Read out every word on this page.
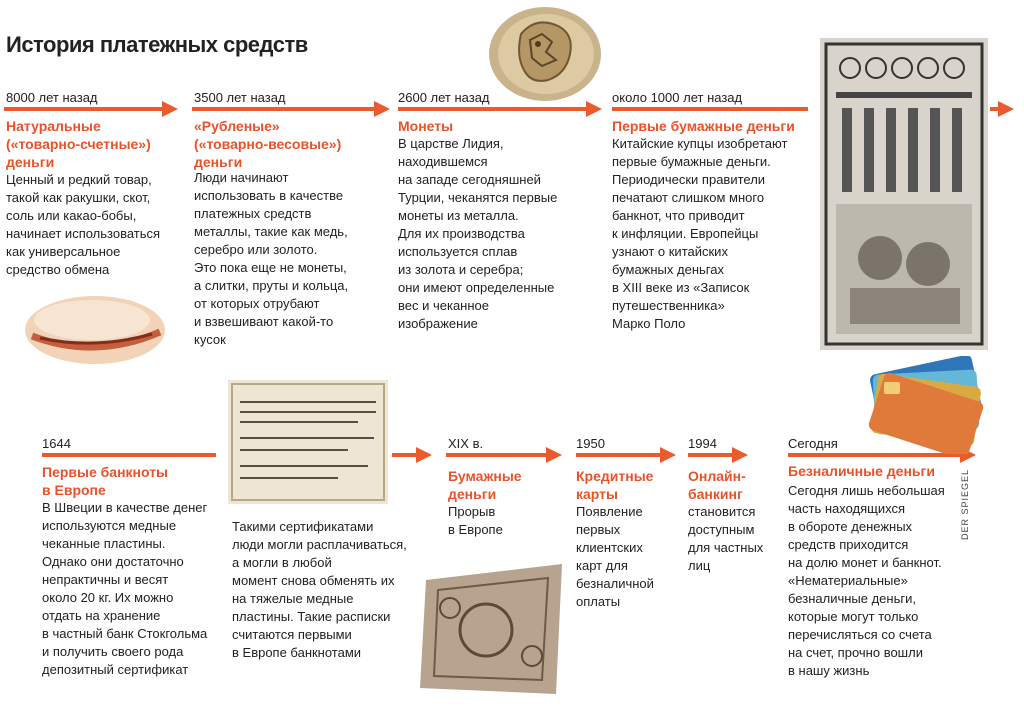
История платежных средств
DER SPIEGEL
8000 лет назад

Натуральные
(«товарно-счетные»)
деньги

Ценный и редкий товар,
такой как ракушки, скот,
соль или какао-бобы,
начинает использоваться
как универсальное
средство обмена

3500 лет назад

«Рубленые»
(«товарно-весовые»)
деньги

Люди начинают
использовать в качестве
платежных средств
металлы, такие как медь,
серебро или золото.
Это пока еще не монеты,
а слитки, пруты и кольца,
от которых отрубают
и взвешивают какой-то
кусок

2600 лет назад

Монеты

В царстве Лидия,
находившемся
на западе сегодняшней
Турции, чеканятся первые
монеты из металла.
Для их производства
используется сплав
из золота и серебра;
они имеют определенные
вес и чеканное
изображение

около 1000 лет назад

Первые бумажные деньги

Китайские купцы изобретают
первые бумажные деньги.
Периодически правители
печатают слишком много
банкнот, что приводит
к инфляции. Европейцы
узнают о китайских
бумажных деньгах
в XIII веке из «Записок
путешественника»
Марко Поло

1644

Первые банкноты
в Европе

В Швеции в качестве денег
используются медные
чеканные пластины.
Однако они достаточно
непрактичны и весят
около 20 кг. Их можно
отдать на хранение
в частный банк Стокгольма
и получить своего рода
депозитный сертификат

Такими сертификатами
люди могли расплачиваться,
а могли в любой
момент снова обменять их
на тяжелые медные
пластины. Такие расписки
считаются первыми
в Европе банкнотами

XIX в.

Бумажные
деньги

Прорыв
в Европе

1950

Кредитные
карты

Появление
первых
клиентских
карт для
безналичной
оплаты

1994

Онлайн-
банкинг

становится
доступным
для частных
лиц

Сегодня

Безналичные деньги

Сегодня лишь небольшая
часть находящихся
в обороте денежных
средств приходится
на долю монет и банкнот.
«Нематериальные»
безналичные деньги,
которые могут только
перечисляться со счета
на счет, прочно вошли
в нашу жизнь
